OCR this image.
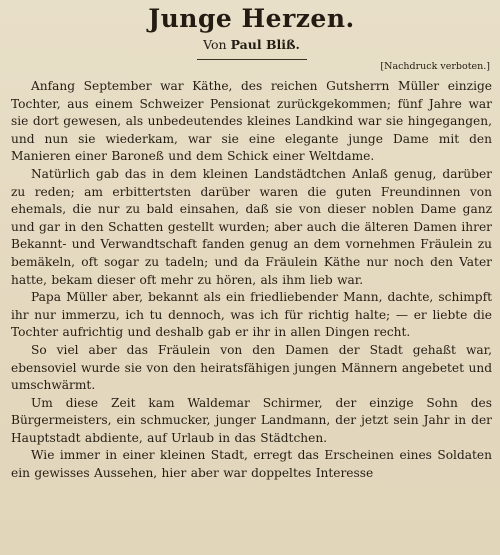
Junge Herzen.
Von Paul Bliß.
[Nachdruck verboten.]

Anfang September war Käthe, des reichen Gutsherrn Müller einzige Tochter, aus einem Schweizer Pensionat zurückgekommen; fünf Jahre war sie dort gewesen, als unbedeutendes kleines Landkind war sie hingegangen, und nun sie wiederkam, war sie eine elegante junge Dame mit den Manieren einer Baroneß und dem Schick einer Weltdame.

Natürlich gab das in dem kleinen Landstädtchen Anlaß genug, darüber zu reden; am erbittertsten darüber waren die guten Freundinnen von ehemals, die nur zu bald einsahen, daß sie von dieser noblen Dame ganz und gar in den Schatten gestellt wurden; aber auch die älteren Damen ihrer Bekannt- und Verwandtschaft fanden genug an dem vornehmen Fräulein zu bemäkeln, oft sogar zu tadeln; und da Fräulein Käthe nur noch den Vater hatte, bekam dieser oft mehr zu hören, als ihm lieb war.

Papa Müller aber, bekannt als ein friedliebender Mann, dachte, schimpft ihr nur immerzu, ich tu dennoch, was ich für richtig halte; — er liebte die Tochter aufrichtig und deshalb gab er ihr in allen Dingen recht.

So viel aber das Fräulein von den Damen der Stadt gehaßt war, ebensoviel wurde sie von den heiratsfähigen jungen Männern angebetet und umschwärmt.

Um diese Zeit kam Waldemar Schirmer, der einzige Sohn des Bürgermeisters, ein schmucker, junger Landmann, der jetzt sein Jahr in der Hauptstadt abdiente, auf Urlaub in das Städtchen.

Wie immer in einer kleinen Stadt, erregt das Erscheinen eines Soldaten ein gewisses Aussehen, hier aber war doppeltes Interesse
